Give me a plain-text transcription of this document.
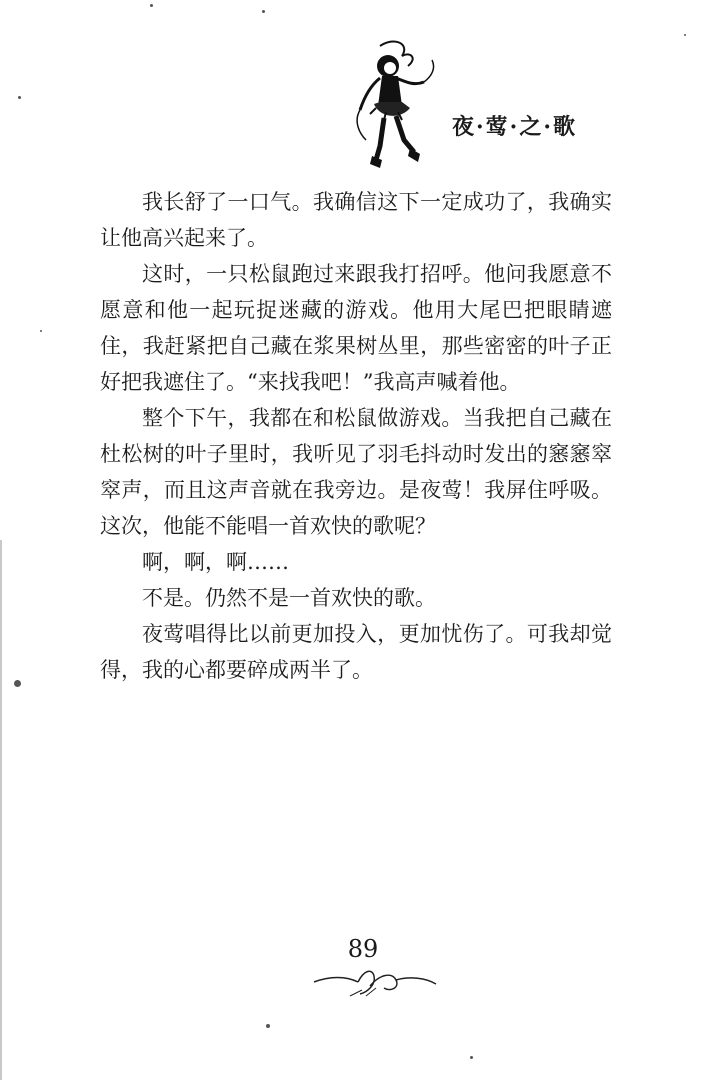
夜·莺·之·歌

我长舒了一口气。我确信这下一定成功了，我确实让他高兴起来了。

这时，一只松鼠跑过来跟我打招呼。他问我愿意不愿意和他一起玩捉迷藏的游戏。他用大尾巴把眼睛遮住，我赶紧把自己藏在浆果树丛里，那些密密的叶子正好把我遮住了。“来找我吧！”我高声喊着他。

整个下午，我都在和松鼠做游戏。当我把自己藏在杜松树的叶子里时，我听见了羽毛抖动时发出的窸窸窣窣声，而且这声音就在我旁边。是夜莺！我屏住呼吸。这次，他能不能唱一首欢快的歌呢？

啊，啊，啊……

不是。仍然不是一首欢快的歌。

夜莺唱得比以前更加投入，更加忧伤了。可我却觉得，我的心都要碎成两半了。

89
